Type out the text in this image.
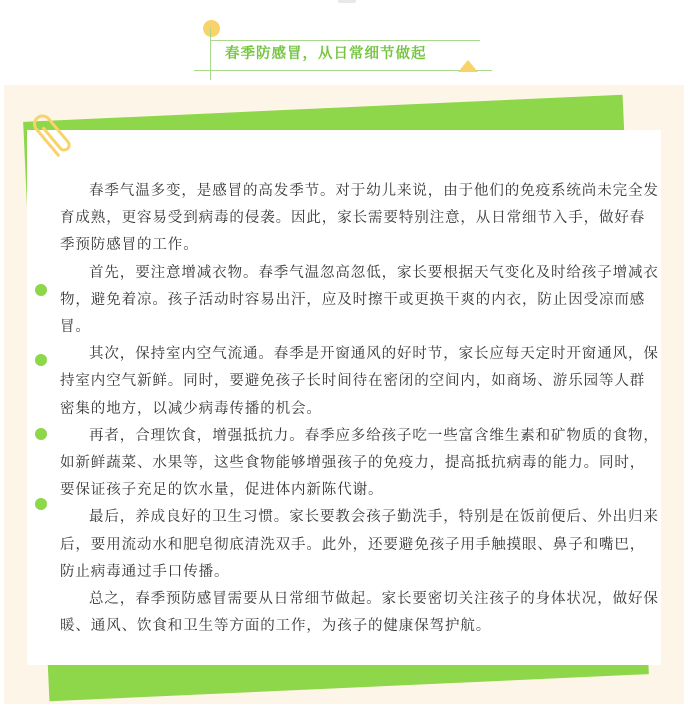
春季防感冒，从日常细节做起

春季气温多变，是感冒的高发季节。对于幼儿来说，由于他们的免疫系统尚未完全发育成熟，更容易受到病毒的侵袭。因此，家长需要特别注意，从日常细节入手，做好春季预防感冒的工作。

首先，要注意增减衣物。春季气温忽高忽低，家长要根据天气变化及时给孩子增减衣物，避免着凉。孩子活动时容易出汗，应及时擦干或更换干爽的内衣，防止因受凉而感冒。

其次，保持室内空气流通。春季是开窗通风的好时节，家长应每天定时开窗通风，保持室内空气新鲜。同时，要避免孩子长时间待在密闭的空间内，如商场、游乐园等人群密集的地方，以减少病毒传播的机会。

再者，合理饮食，增强抵抗力。春季应多给孩子吃一些富含维生素和矿物质的食物，如新鲜蔬菜、水果等，这些食物能够增强孩子的免疫力，提高抵抗病毒的能力。同时，要保证孩子充足的饮水量，促进体内新陈代谢。

最后，养成良好的卫生习惯。家长要教会孩子勤洗手，特别是在饭前便后、外出归来后，要用流动水和肥皂彻底清洗双手。此外，还要避免孩子用手触摸眼、鼻子和嘴巴，防止病毒通过手口传播。

总之，春季预防感冒需要从日常细节做起。家长要密切关注孩子的身体状况，做好保暖、通风、饮食和卫生等方面的工作，为孩子的健康保驾护航。
